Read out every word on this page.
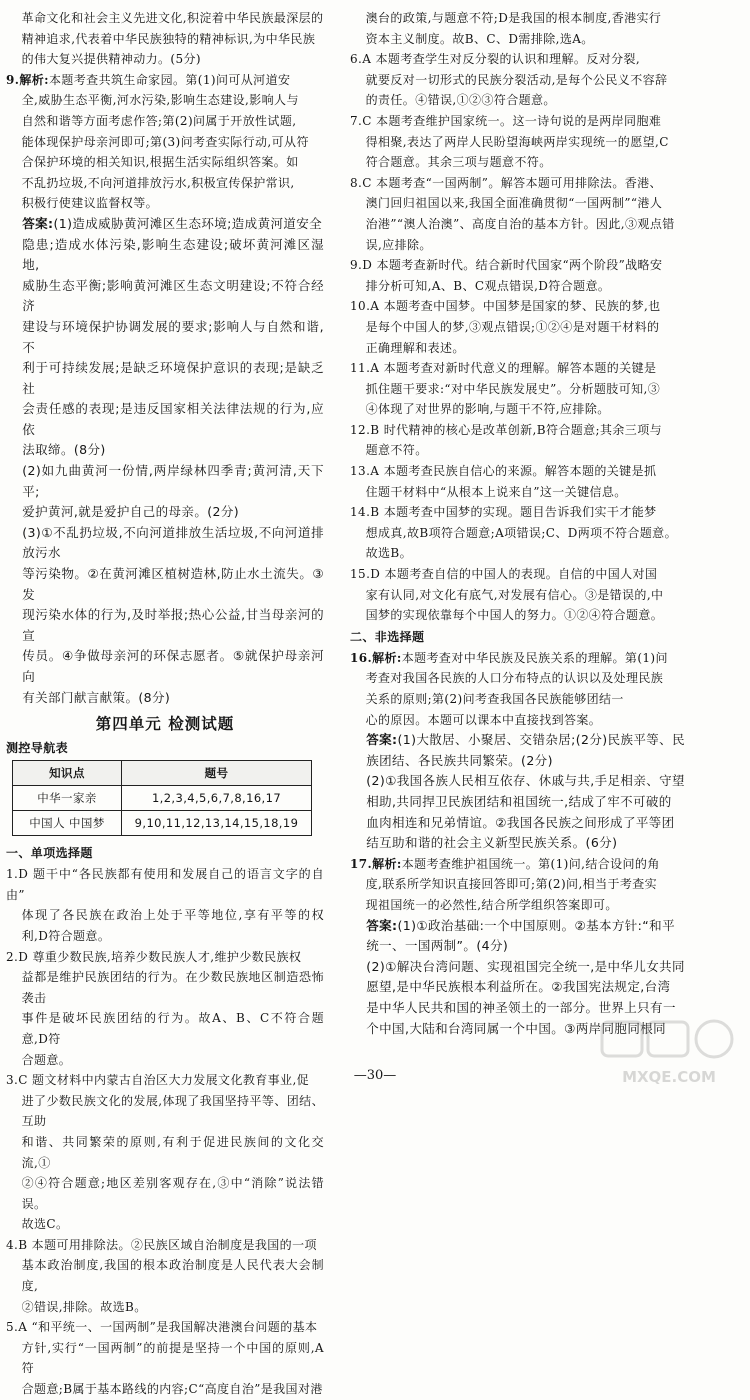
革命文化和社会主义先进文化,积淀着中华民族最深层的

精神追求,代表着中华民族独特的精神标识,为中华民族

的伟大复兴提供精神动力。(5分)

9.解析:本题考查共筑生命家园。第(1)问可从河道安

全,威胁生态平衡,河水污染,影响生态建设,影响人与

自然和谐等方面考虑作答;第(2)问属于开放性试题,

能体现保护母亲河即可;第(3)问考查实际行动,可从符

合保护环境的相关知识,根据生活实际组织答案。如

不乱扔垃圾,不向河道排放污水,积极宣传保护常识,

积极行使建议监督权等。

答案:(1)造成威胁黄河滩区生态环境;造成黄河道安全

隐患;造成水体污染,影响生态建设;破坏黄河滩区湿地,

威胁生态平衡;影响黄河滩区生态文明建设;不符合经济

建设与环境保护协调发展的要求;影响人与自然和谐,不

利于可持续发展;是缺乏环境保护意识的表现;是缺乏社

会责任感的表现;是违反国家相关法律法规的行为,应依

法取缔。(8分)

(2)如九曲黄河一份情,两岸绿林四季青;黄河清,天下平;

爱护黄河,就是爱护自己的母亲。(2分)

(3)①不乱扔垃圾,不向河道排放生活垃圾,不向河道排放污水

等污染物。②在黄河滩区植树造林,防止水土流失。③发

现污染水体的行为,及时举报;热心公益,甘当母亲河的宣

传员。④争做母亲河的环保志愿者。⑤就保护母亲河向

有关部门献言献策。(8分)

第四单元 检测试题
测控导航表
知识点	题号
中华一家亲	1,2,3,4,5,6,7,8,16,17
中国人 中国梦	9,10,11,12,13,14,15,18,19
一、单项选择题

1.D 题干中“各民族都有使用和发展自己的语言文字的自由”

体现了各民族在政治上处于平等地位,享有平等的权利,D符合题意。

2.D 尊重少数民族,培养少数民族人才,维护少数民族权

益都是维护民族团结的行为。在少数民族地区制造恐怖袭击

事件是破坏民族团结的行为。故A、B、C不符合题意,D符

合题意。

3.C 题文材料中内蒙古自治区大力发展文化教育事业,促

进了少数民族文化的发展,体现了我国坚持平等、团结、互助

和谐、共同繁荣的原则,有利于促进民族间的文化交流,①

②④符合题意;地区差别客观存在,③中“消除”说法错误。

故选C。

4.B 本题可用排除法。②民族区域自治制度是我国的一项

基本政治制度,我国的根本政治制度是人民代表大会制度,

②错误,排除。故选B。

5.A “和平统一、一国两制”是我国解决港澳台问题的基本

方针,实行“一国两制”的前提是坚持一个中国的原则,A符

合题意;B属于基本路线的内容;C“高度自治”是我国对港

澳台的政策,与题意不符;D是我国的根本制度,香港实行

资本主义制度。故B、C、D需排除,选A。

6.A 本题考查学生对反分裂的认识和理解。反对分裂,

就要反对一切形式的民族分裂活动,是每个公民义不容辞

的责任。④错误,①②③符合题意。

7.C 本题考查维护国家统一。这一诗句说的是两岸同胞难

得相聚,表达了两岸人民盼望海峡两岸实现统一的愿望,C

符合题意。其余三项与题意不符。

8.C 本题考查“一国两制”。解答本题可用排除法。香港、

澳门回归祖国以来,我国全面准确贯彻“一国两制”“港人

治港”“澳人治澳”、高度自治的基本方针。因此,③观点错

误,应排除。

9.D 本题考查新时代。结合新时代国家“两个阶段”战略安

排分析可知,A、B、C观点错误,D符合题意。

10.A 本题考查中国梦。中国梦是国家的梦、民族的梦,也

是每个中国人的梦,③观点错误;①②④是对题干材料的

正确理解和表述。

11.A 本题考查对新时代意义的理解。解答本题的关键是

抓住题干要求:“对中华民族发展史”。分析题肢可知,③

④体现了对世界的影响,与题干不符,应排除。

12.B 时代精神的核心是改革创新,B符合题意;其余三项与

题意不符。

13.A 本题考查民族自信心的来源。解答本题的关键是抓

住题干材料中“从根本上说来自”这一关键信息。

14.B 本题考查中国梦的实现。题目告诉我们实干才能梦

想成真,故B项符合题意;A项错误;C、D两项不符合题意。

故选B。

15.D 本题考查自信的中国人的表现。自信的中国人对国

家有认同,对文化有底气,对发展有信心。③是错误的,中

国梦的实现依靠每个中国人的努力。①②④符合题意。

二、非选择题

16.解析:本题考查对中华民族及民族关系的理解。第(1)问

考查对我国各民族的人口分布特点的认识以及处理民族

关系的原则;第(2)问考查我国各民族能够团结一

心的原因。本题可以课本中直接找到答案。

答案:(1)大散居、小聚居、交错杂居;(2分)民族平等、民

族团结、各民族共同繁荣。(2分)

(2)①我国各族人民相互依存、休戚与共,手足相亲、守望

相助,共同捍卫民族团结和祖国统一,结成了牢不可破的

血肉相连和兄弟情谊。②我国各民族之间形成了平等团

结互助和谐的社会主义新型民族关系。(6分)

17.解析:本题考查维护祖国统一。第(1)问,结合设问的角

度,联系所学知识直接回答即可;第(2)问,相当于考查实

现祖国统一的必然性,结合所学组织答案即可。

答案:(1)①政治基础:一个中国原则。②基本方针:“和平

统一、一国两制”。(4分)

(2)①解决台湾问题、实现祖国完全统一,是中华儿女共同

愿望,是中华民族根本利益所在。②我国宪法规定,台湾

是中华人民共和国的神圣领土的一部分。世界上只有一

个中国,大陆和台湾同属一个中国。③两岸同胞同根同

—30—	MXQE.COM
